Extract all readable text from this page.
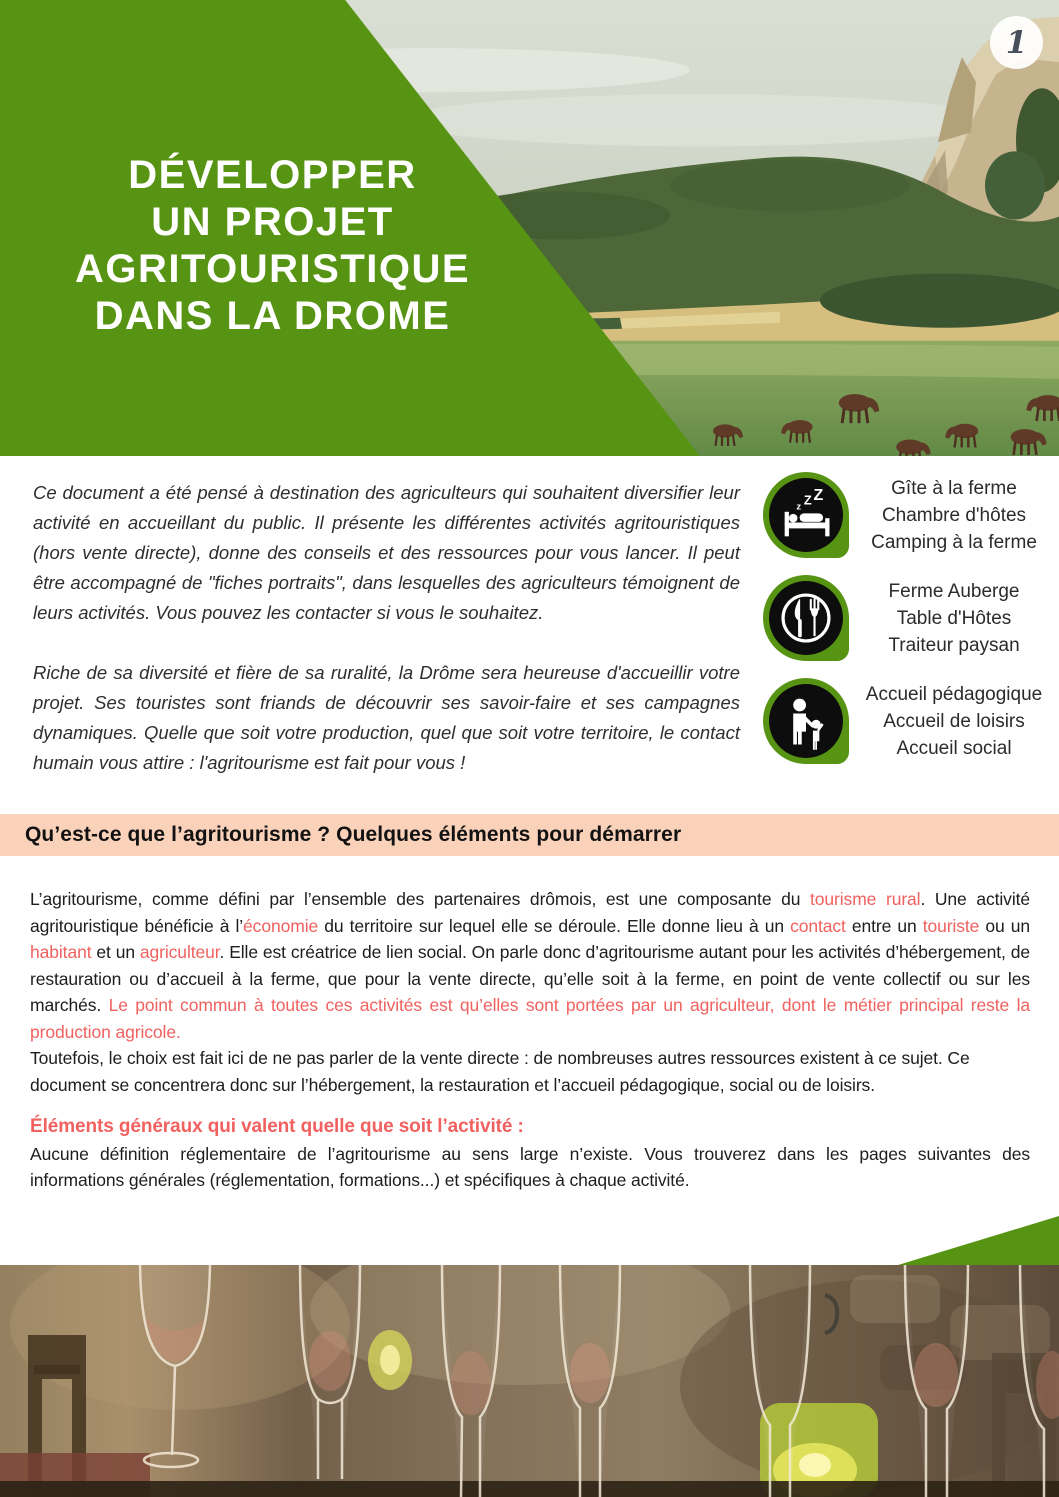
DÉVELOPPER
UN PROJET
AGRITOURISTIQUE
DANS LA DROME
1

Ce document a été pensé à destination des agriculteurs qui souhaitent diversifier leur activité en accueillant du public. Il présente les différentes activités agritouristiques (hors vente directe), donne des conseils et des ressources pour vous lancer. Il peut être accompagné de "fiches portraits", dans lesquelles des agriculteurs témoignent de leurs activités. Vous pouvez les contacter si vous le souhaitez.

Riche de sa diversité et fière de sa ruralité, la Drôme sera heureuse d'accueillir votre projet. Ses touristes sont friands de découvrir ses savoir-faire et ses campagnes dynamiques. Quelle que soit votre production, quel que soit votre territoire, le contact humain vous attire : l'agritourisme est fait pour vous !

z Z Z	Gîte à la ferme
Chambre d'hôtes
Camping à la ferme
Ferme Auberge
Table d'Hôtes
Traiteur paysan
Accueil pédagogique
Accueil de loisirs
Accueil social
Qu’est-ce que l’agritourisme ? Quelques éléments pour démarrer

L’agritourisme, comme défini par l’ensemble des partenaires drômois, est une composante du tourisme rural. Une activité agritouristique bénéficie à l’économie du territoire sur lequel elle se déroule. Elle donne lieu à un contact entre un touriste ou un habitant et un agriculteur. Elle est créatrice de lien social. On parle donc d’agritourisme autant pour les activités d’hébergement, de restauration ou d’accueil à la ferme, que pour la vente directe, qu’elle soit à la ferme, en point de vente collectif ou sur les marchés. Le point commun à toutes ces activités est qu’elles sont portées par un agriculteur, dont le métier principal reste la production agricole.

Toutefois, le choix est fait ici de ne pas parler de la vente directe : de nombreuses autres ressources existent à ce sujet. Ce document se concentrera donc sur l’hébergement, la restauration et l’accueil pédagogique, social ou de loisirs.

Éléments généraux qui valent quelle que soit l’activité :

Aucune définition réglementaire de l’agritourisme au sens large n’existe. Vous trouverez dans les pages suivantes des informations générales (réglementation, formations...) et spécifiques à chaque activité.
